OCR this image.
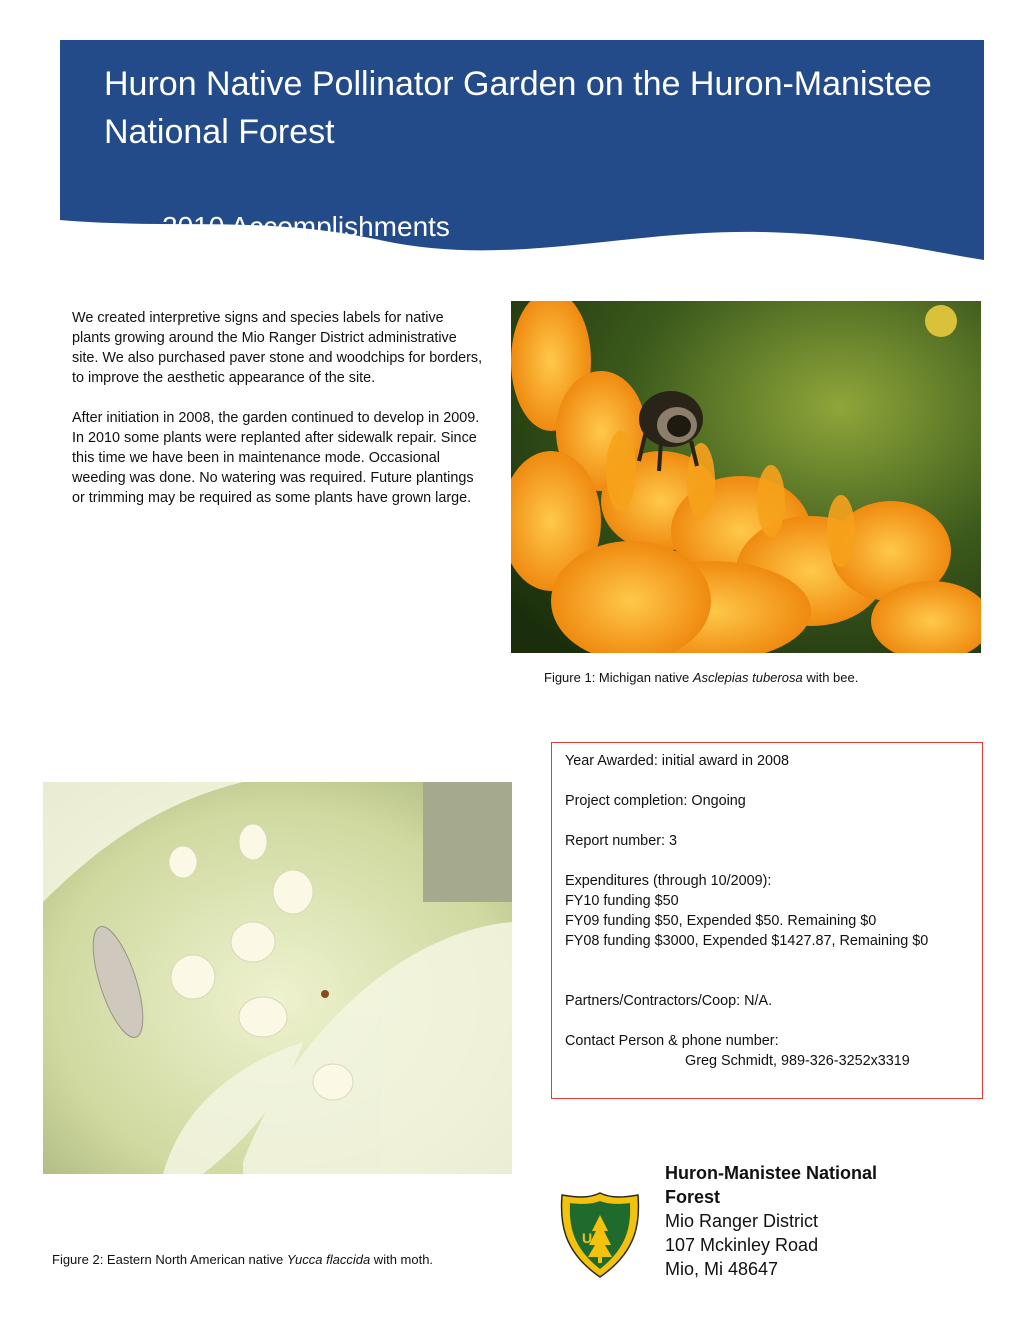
Huron Native Pollinator Garden on the Huron-Manistee National Forest
2010 Accomplishments

We created interpretive signs and species labels for native plants growing around the Mio Ranger District administrative site. We also purchased paver stone and woodchips for borders, to improve the aesthetic appearance of the site.

After initiation in 2008, the garden continued to develop in 2009. In 2010 some plants were replanted after sidewalk repair. Since this time we have been in maintenance mode. Occasional weeding was done. No watering was required. Future plantings or trimming may be required as some plants have grown large.

Figure 1: Michigan native Asclepias tuberosa with bee.
Figure 2: Eastern North American native Yucca flaccida with moth.
Year Awarded: initial award in 2008
Project completion: Ongoing
Report number: 3
Expenditures (through 10/2009):
FY10 funding $50
FY09 funding $50, Expended $50. Remaining $0
FY08 funding $3000, Expended $1427.87, Remaining $0
Partners/Contractors/Coop: N/A.
Contact Person & phone number:
Greg Schmidt, 989-326-3252x3319
U S
Huron-Manistee National Forest
Mio Ranger District
107 Mckinley Road
Mio, Mi 48647
